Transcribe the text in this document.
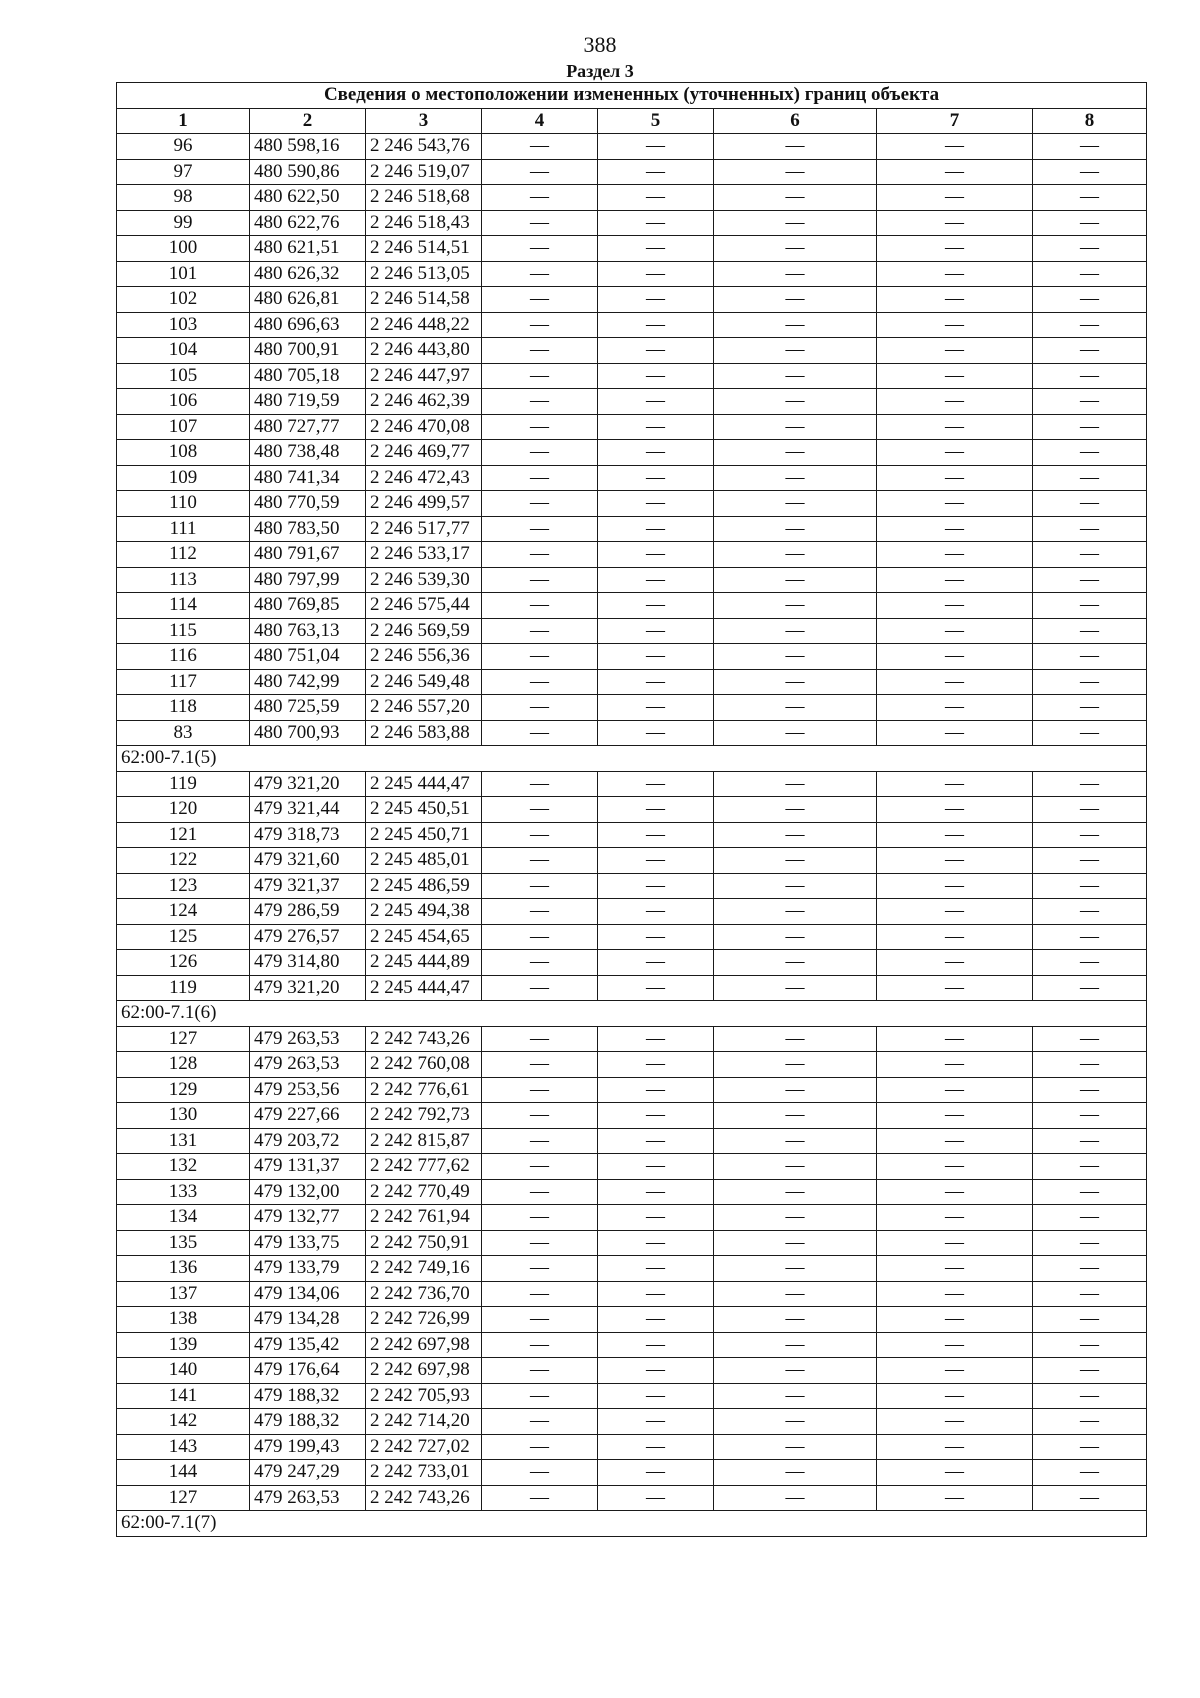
388
Раздел 3
Сведения о местоположении измененных (уточненных) границ объекта							
1	2	3	4	5	6	7	8
96	480 598,16	2 246 543,76	—	—	—	—	—
97	480 590,86	2 246 519,07	—	—	—	—	—
98	480 622,50	2 246 518,68	—	—	—	—	—
99	480 622,76	2 246 518,43	—	—	—	—	—
100	480 621,51	2 246 514,51	—	—	—	—	—
101	480 626,32	2 246 513,05	—	—	—	—	—
102	480 626,81	2 246 514,58	—	—	—	—	—
103	480 696,63	2 246 448,22	—	—	—	—	—
104	480 700,91	2 246 443,80	—	—	—	—	—
105	480 705,18	2 246 447,97	—	—	—	—	—
106	480 719,59	2 246 462,39	—	—	—	—	—
107	480 727,77	2 246 470,08	—	—	—	—	—
108	480 738,48	2 246 469,77	—	—	—	—	—
109	480 741,34	2 246 472,43	—	—	—	—	—
110	480 770,59	2 246 499,57	—	—	—	—	—
111	480 783,50	2 246 517,77	—	—	—	—	—
112	480 791,67	2 246 533,17	—	—	—	—	—
113	480 797,99	2 246 539,30	—	—	—	—	—
114	480 769,85	2 246 575,44	—	—	—	—	—
115	480 763,13	2 246 569,59	—	—	—	—	—
116	480 751,04	2 246 556,36	—	—	—	—	—
117	480 742,99	2 246 549,48	—	—	—	—	—
118	480 725,59	2 246 557,20	—	—	—	—	—
83	480 700,93	2 246 583,88	—	—	—	—	—
62:00-7.1(5)							
119	479 321,20	2 245 444,47	—	—	—	—	—
120	479 321,44	2 245 450,51	—	—	—	—	—
121	479 318,73	2 245 450,71	—	—	—	—	—
122	479 321,60	2 245 485,01	—	—	—	—	—
123	479 321,37	2 245 486,59	—	—	—	—	—
124	479 286,59	2 245 494,38	—	—	—	—	—
125	479 276,57	2 245 454,65	—	—	—	—	—
126	479 314,80	2 245 444,89	—	—	—	—	—
119	479 321,20	2 245 444,47	—	—	—	—	—
62:00-7.1(6)							
127	479 263,53	2 242 743,26	—	—	—	—	—
128	479 263,53	2 242 760,08	—	—	—	—	—
129	479 253,56	2 242 776,61	—	—	—	—	—
130	479 227,66	2 242 792,73	—	—	—	—	—
131	479 203,72	2 242 815,87	—	—	—	—	—
132	479 131,37	2 242 777,62	—	—	—	—	—
133	479 132,00	2 242 770,49	—	—	—	—	—
134	479 132,77	2 242 761,94	—	—	—	—	—
135	479 133,75	2 242 750,91	—	—	—	—	—
136	479 133,79	2 242 749,16	—	—	—	—	—
137	479 134,06	2 242 736,70	—	—	—	—	—
138	479 134,28	2 242 726,99	—	—	—	—	—
139	479 135,42	2 242 697,98	—	—	—	—	—
140	479 176,64	2 242 697,98	—	—	—	—	—
141	479 188,32	2 242 705,93	—	—	—	—	—
142	479 188,32	2 242 714,20	—	—	—	—	—
143	479 199,43	2 242 727,02	—	—	—	—	—
144	479 247,29	2 242 733,01	—	—	—	—	—
127	479 263,53	2 242 743,26	—	—	—	—	—
62:00-7.1(7)							
